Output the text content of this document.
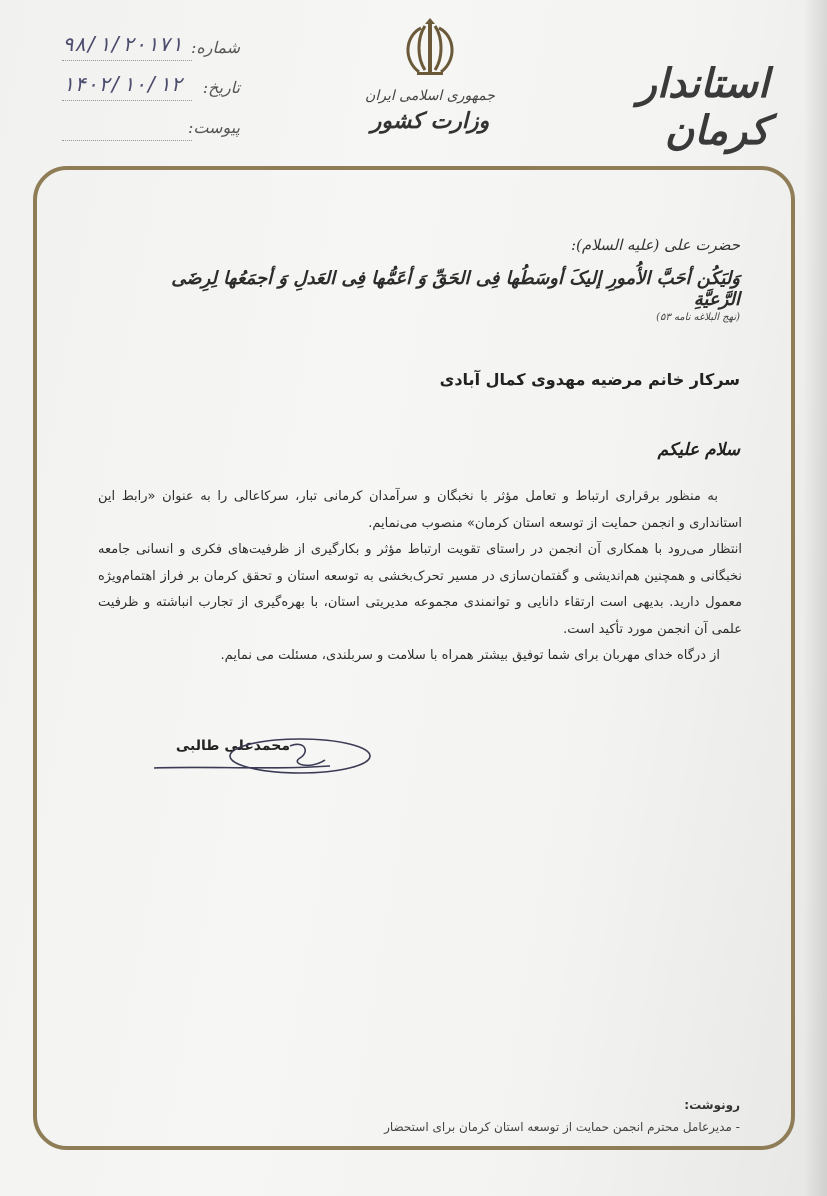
استاندار کرمان
جمهوری اسلامی ایران
وزارت کشور
شماره:
۹۸/۱/۲۰۱۷۱
تاریخ:
۱۴۰۲/۱۰/۱۲
پیوست:
حضرت علی (علیه السلام):
وَلیَکُن أحَبَّ الأُمورِ إلیکَ أوسَطُها فِی الحَقِّ وَ أعَمُّها فِی العَدلِ وَ أجمَعُها لِرِضَی الرَّعیَّةِ
(نهج البلاغه نامه ۵۳)
سرکار خانم مرضیه مهدوی کمال آبادی
سلام علیکم

به منظور برقراری ارتباط و تعامل مؤثر با نخبگان و سرآمدان کرمانی تبار، سرکاعالی را به عنوان «رابط این استانداری و انجمن حمایت از توسعه استان کرمان» منصوب می‌نمایم.

انتظار می‌رود با همکاری آن انجمن در راستای تقویت ارتباط مؤثر و بکارگیری از ظرفیت‌های فکری و انسانی جامعه نخبگانی و همچنین هم‌اندیشی و گفتمان‌سازی در مسیر تحرک‌بخشی به توسعه استان و تحقق کرمان بر فراز اهتمام‌ویژه معمول دارید. بدیهی است ارتقاء دانایی و توانمندی مجموعه مدیریتی استان، با بهره‌گیری از تجارب انباشته و ظرفیت علمی آن انجمن مورد تأکید است.

از درگاه خدای مهربان برای شما توفیق بیشتر همراه با سلامت و سربلندی، مسئلت می نمایم.

محمدعلی طالبی
رونوشت:
- مدیرعامل محترم انجمن حمایت از توسعه استان کرمان برای استحضار
